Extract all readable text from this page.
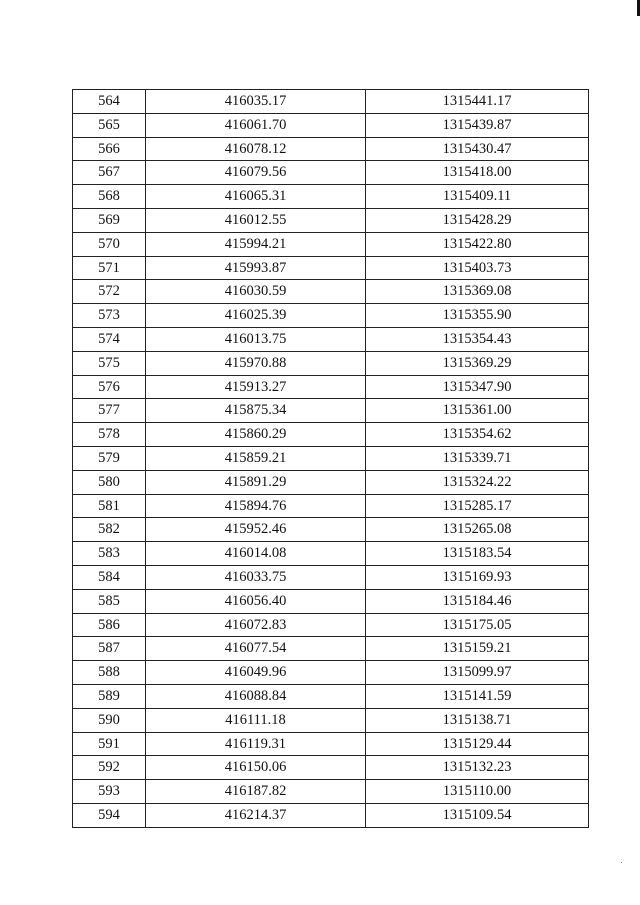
564	416035.17	1315441.17
565	416061.70	1315439.87
566	416078.12	1315430.47
567	416079.56	1315418.00
568	416065.31	1315409.11
569	416012.55	1315428.29
570	415994.21	1315422.80
571	415993.87	1315403.73
572	416030.59	1315369.08
573	416025.39	1315355.90
574	416013.75	1315354.43
575	415970.88	1315369.29
576	415913.27	1315347.90
577	415875.34	1315361.00
578	415860.29	1315354.62
579	415859.21	1315339.71
580	415891.29	1315324.22
581	415894.76	1315285.17
582	415952.46	1315265.08
583	416014.08	1315183.54
584	416033.75	1315169.93
585	416056.40	1315184.46
586	416072.83	1315175.05
587	416077.54	1315159.21
588	416049.96	1315099.97
589	416088.84	1315141.59
590	416111.18	1315138.71
591	416119.31	1315129.44
592	416150.06	1315132.23
593	416187.82	1315110.00
594	416214.37	1315109.54
